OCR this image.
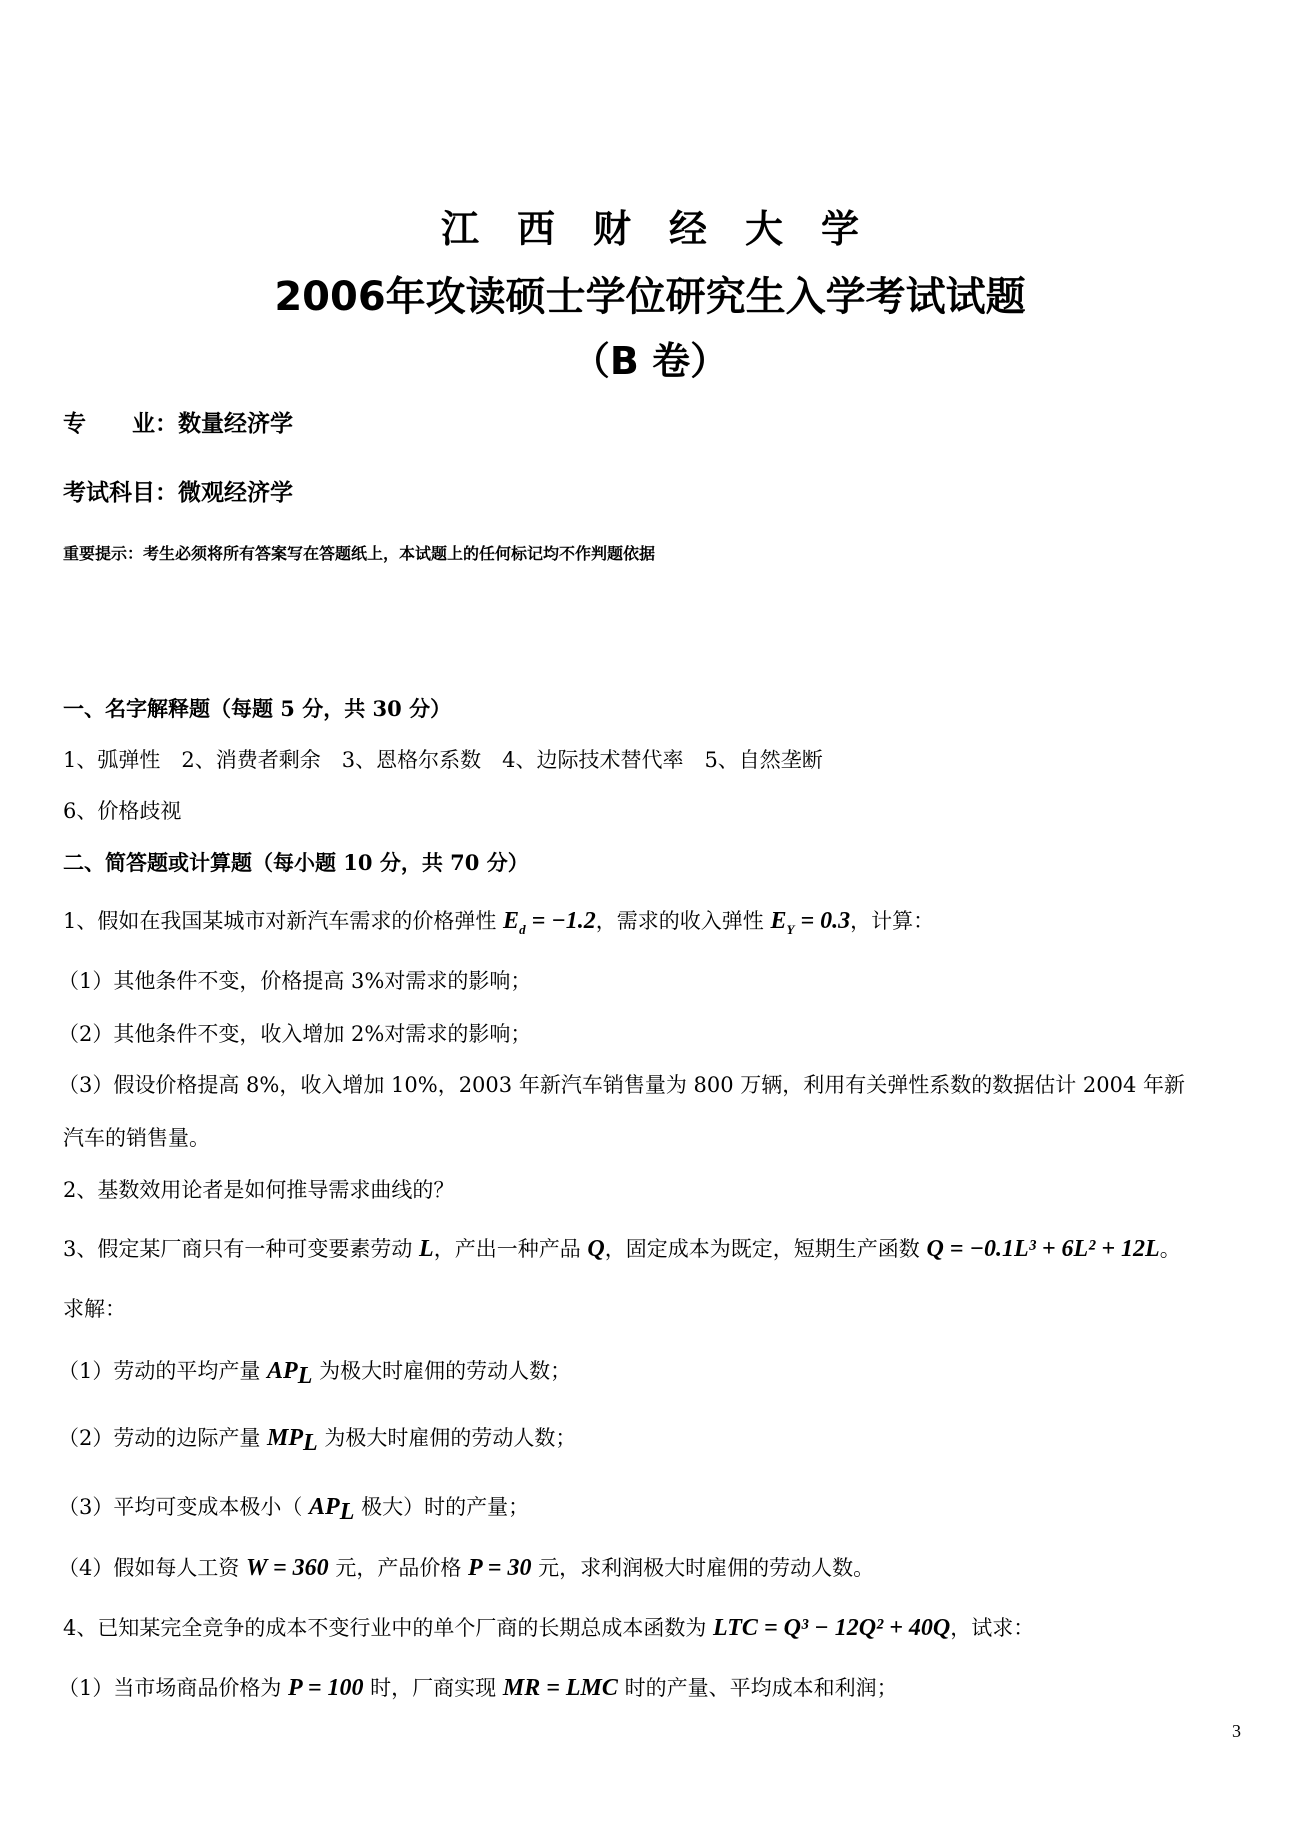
江　西　财　经　大　学
2006年攻读硕士学位研究生入学考试试题
（B 卷）
专　　业：数量经济学
考试科目：微观经济学
重要提示：考生必须将所有答案写在答题纸上，本试题上的任何标记均不作判题依据
一、名字解释题（每题 5 分，共 30 分）
1、弧弹性　2、消费者剩余　3、恩格尔系数　4、边际技术替代率　5、自然垄断
6、价格歧视
二、简答题或计算题（每小题 10 分，共 70 分）
1、假如在我国某城市对新汽车需求的价格弹性 $E_d = -1.2$，需求的收入弹性 $E_Y = 0.3$，计算：
（1）其他条件不变，价格提高 3%对需求的影响；
（2）其他条件不变，收入增加 2%对需求的影响；
（3）假设价格提高 8%，收入增加 10%，2003 年新汽车销售量为 800 万辆，利用有关弹性系数的数据估计 2004 年新
汽车的销售量。
2、基数效用论者是如何推导需求曲线的？
3、假定某厂商只有一种可变要素劳动 L，产出一种产品 Q，固定成本为既定，短期生产函数 Q = −0.1L³ + 6L² + 12L。
求解：
（1）劳动的平均产量 $AP_L$ 为极大时雇佣的劳动人数；
（2）劳动的边际产量 $MP_L$ 为极大时雇佣的劳动人数；
（3）平均可变成本极小（ $AP_L$ 极大）时的产量；
（4）假如每人工资 W = 360 元，产品价格 P = 30 元，求利润极大时雇佣的劳动人数。
4、已知某完全竞争的成本不变行业中的单个厂商的长期总成本函数为 LTC = Q³ − 12Q² + 40Q，试求：
（1）当市场商品价格为 P = 100 时，厂商实现 MR = LMC 时的产量、平均成本和利润；
3
